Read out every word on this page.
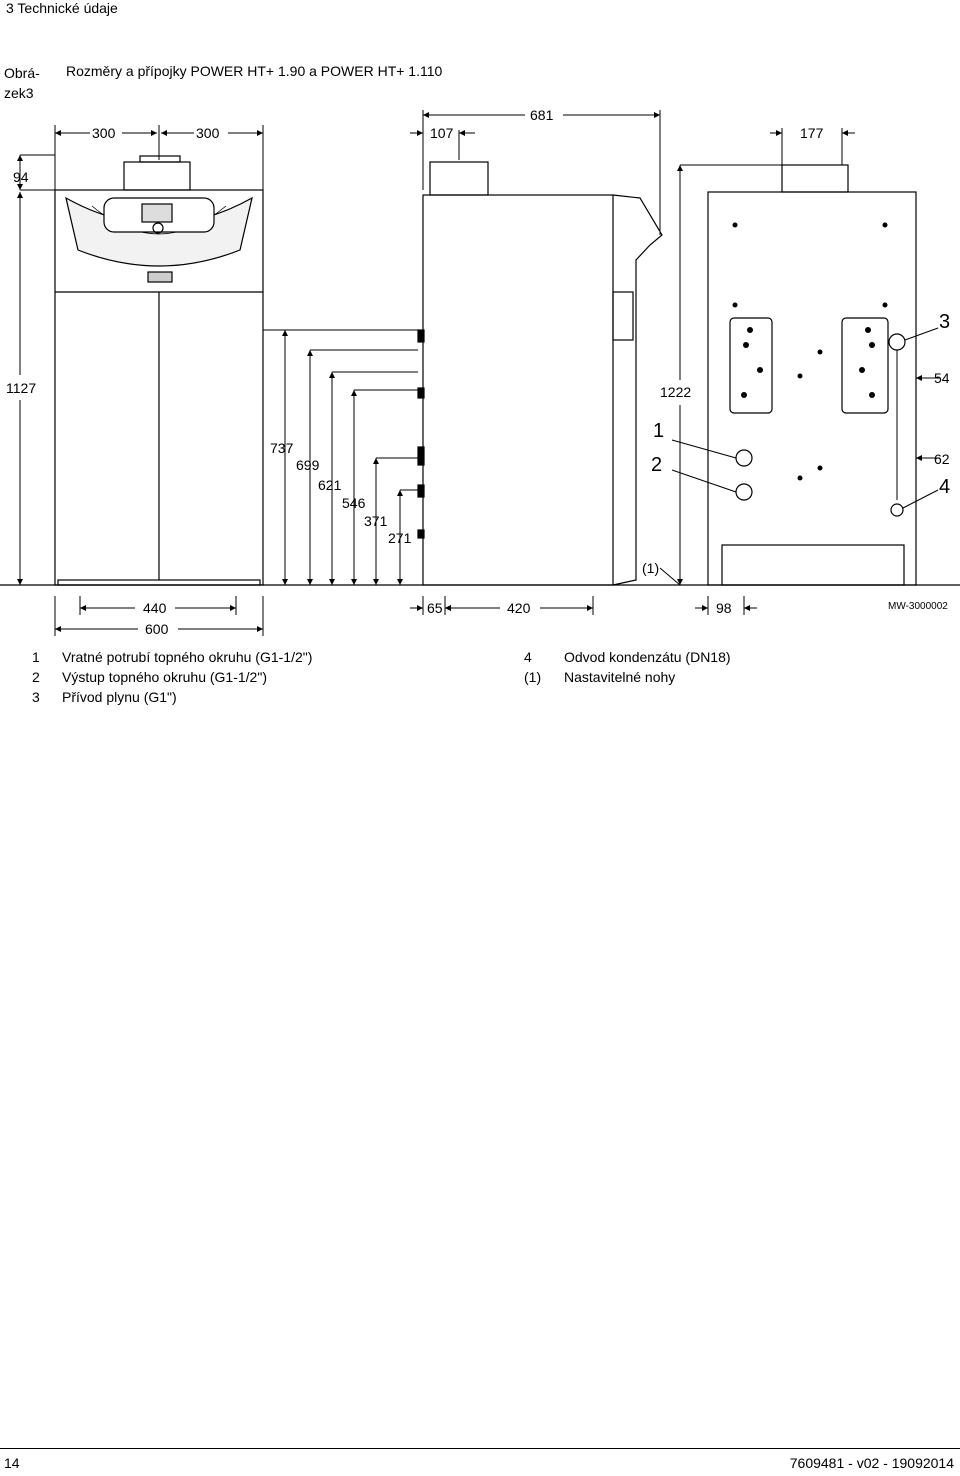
3 Technické údaje
Obrá-
zek3
Rozměry a přípojky POWER HT+ 1.90 a POWER HT+ 1.110
300	300
94
1127
440
600
681
107
737
699
621
546
371
271
65	420
177
1222
54
62
98
1
2
3
4
(1)
MW-3000002
1 Vratné potrubí topného okruhu (G1-1/2")
2 Výstup topného okruhu (G1-1/2")
3 Přívod plynu (G1")
4 Odvod kondenzátu (DN18)
(1) Nastavitelné nohy
14	7609481 - v02 - 19092014
